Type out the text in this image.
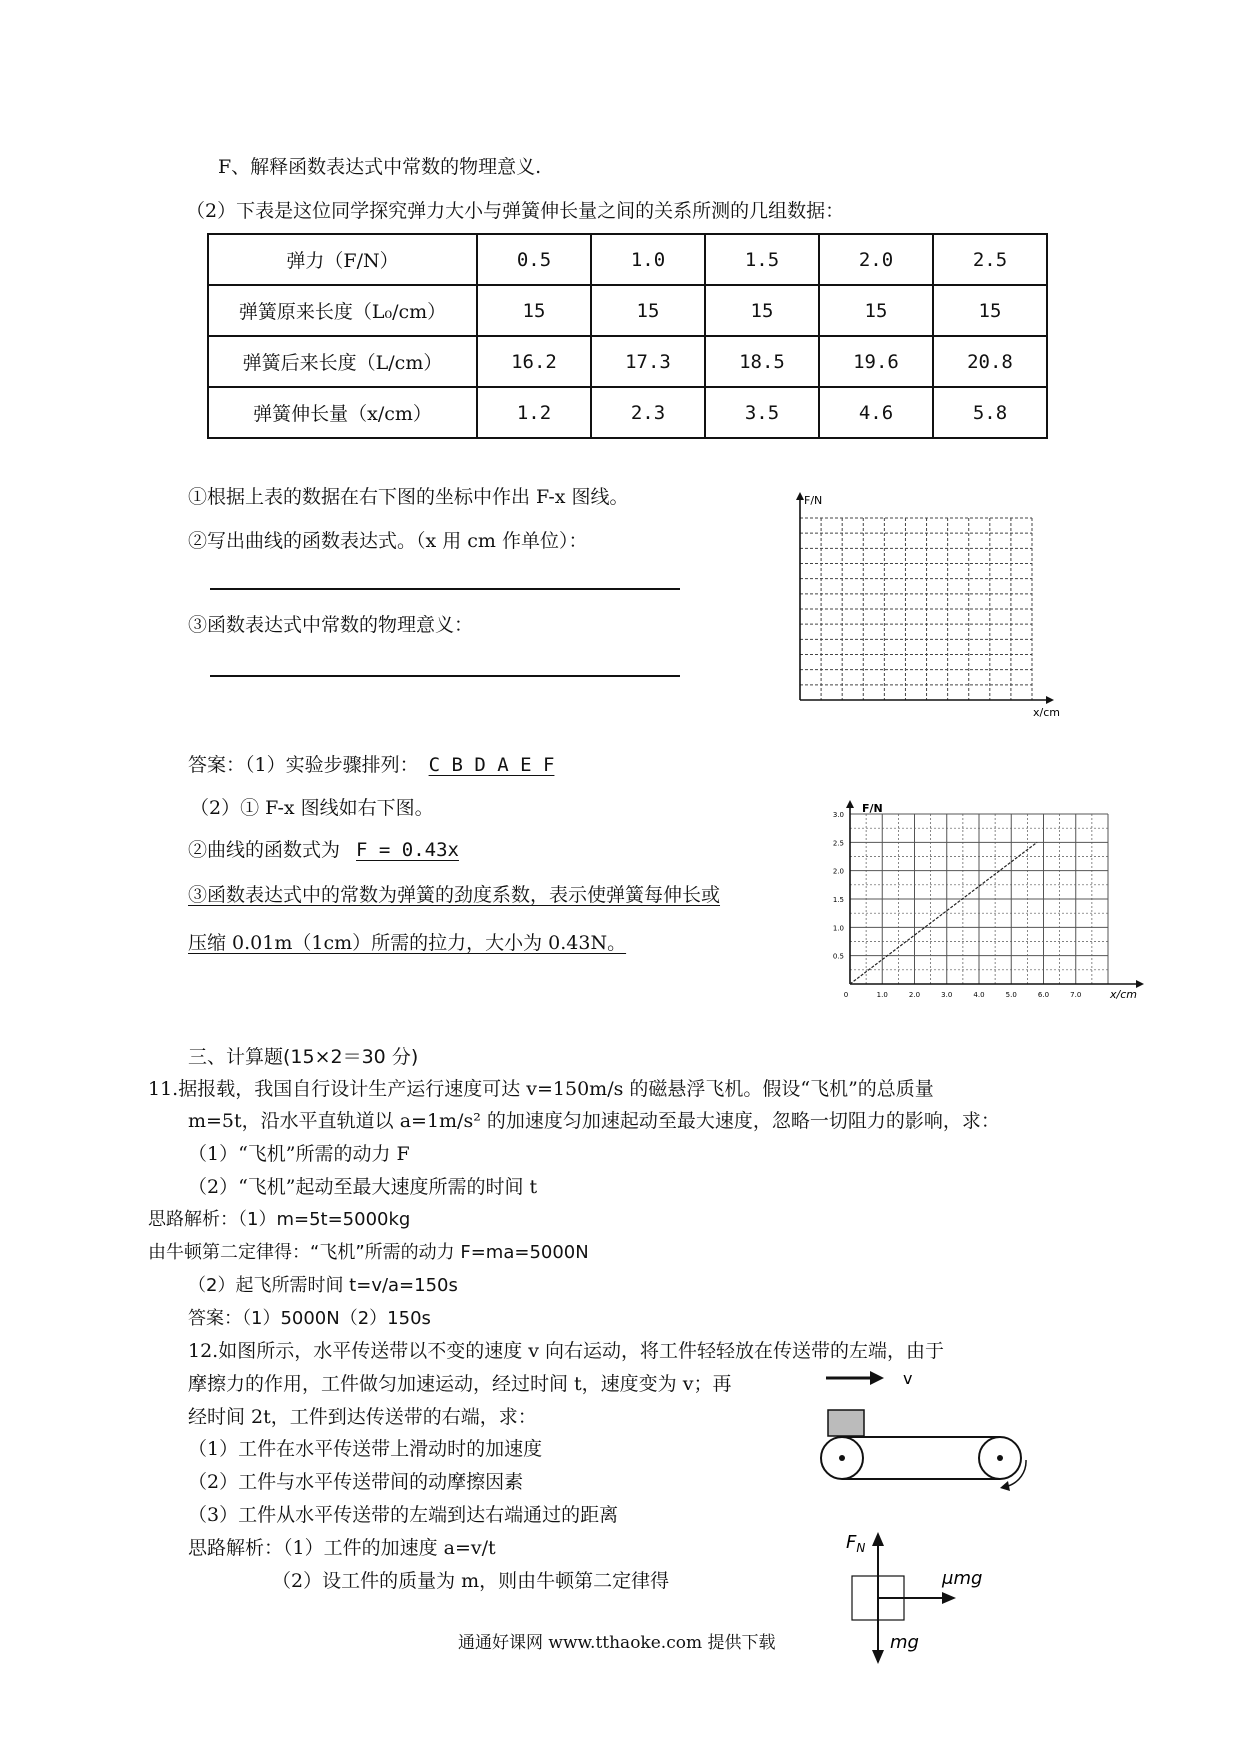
F、解释函数表达式中常数的物理意义.
（2）下表是这位同学探究弹力大小与弹簧伸长量之间的关系所测的几组数据：
弹力（F/N）	0.5	1.0	1.5	2.0	2.5
弹簧原来长度（L₀/cm）	15	15	15	15	15
弹簧后来长度（L/cm）	16.2	17.3	18.5	19.6	20.8
弹簧伸长量（x/cm）	1.2	2.3	3.5	4.6	5.8
①根据上表的数据在右下图的坐标中作出 F-x 图线。
②写出曲线的函数表达式。（x 用 cm 作单位）：
③函数表达式中常数的物理意义：
F/N
x/cm
答案：（1）实验步骤排列： C B D A E F
（2）① F-x 图线如右下图。
②曲线的函数式为 F = 0.43x
③函数表达式中的常数为弹簧的劲度系数，表示使弹簧每伸长或
压缩 0.01m（1cm）所需的拉力，大小为 0.43N。
1.0	2.0	3.0	4.0	5.0	6.0	7.0
0
0.5
1.0
1.5
2.0
2.5
3.0 F/N
x/cm
三、计算题(15×2＝30 分)
11.据报载，我国自行设计生产运行速度可达 v=150m/s 的磁悬浮飞机。假设“飞机”的总质量
m=5t，沿水平直轨道以 a=1m/s² 的加速度匀加速起动至最大速度，忽略一切阻力的影响，求：
（1）“飞机”所需的动力 F
（2）“飞机”起动至最大速度所需的时间 t
思路解析：（1）m=5t=5000kg
由牛顿第二定律得：“飞机”所需的动力 F=ma=5000N
（2）起飞所需时间 t=v/a=150s
答案：（1）5000N（2）150s
12.如图所示，水平传送带以不变的速度 v 向右运动，将工件轻轻放在传送带的左端，由于
摩擦力的作用，工件做匀加速运动，经过时间 t，速度变为 v；再
经时间 2t，工件到达传送带的右端，求：
（1）工件在水平传送带上滑动时的加速度
（2）工件与水平传送带间的动摩擦因素
（3）工件从水平传送带的左端到达右端通过的距离
思路解析：（1）工件的加速度 a=v/t
（2）设工件的质量为 m，则由牛顿第二定律得
v
$F_N$
μmg
mg
通通好课网 www.tthaoke.com 提供下载
